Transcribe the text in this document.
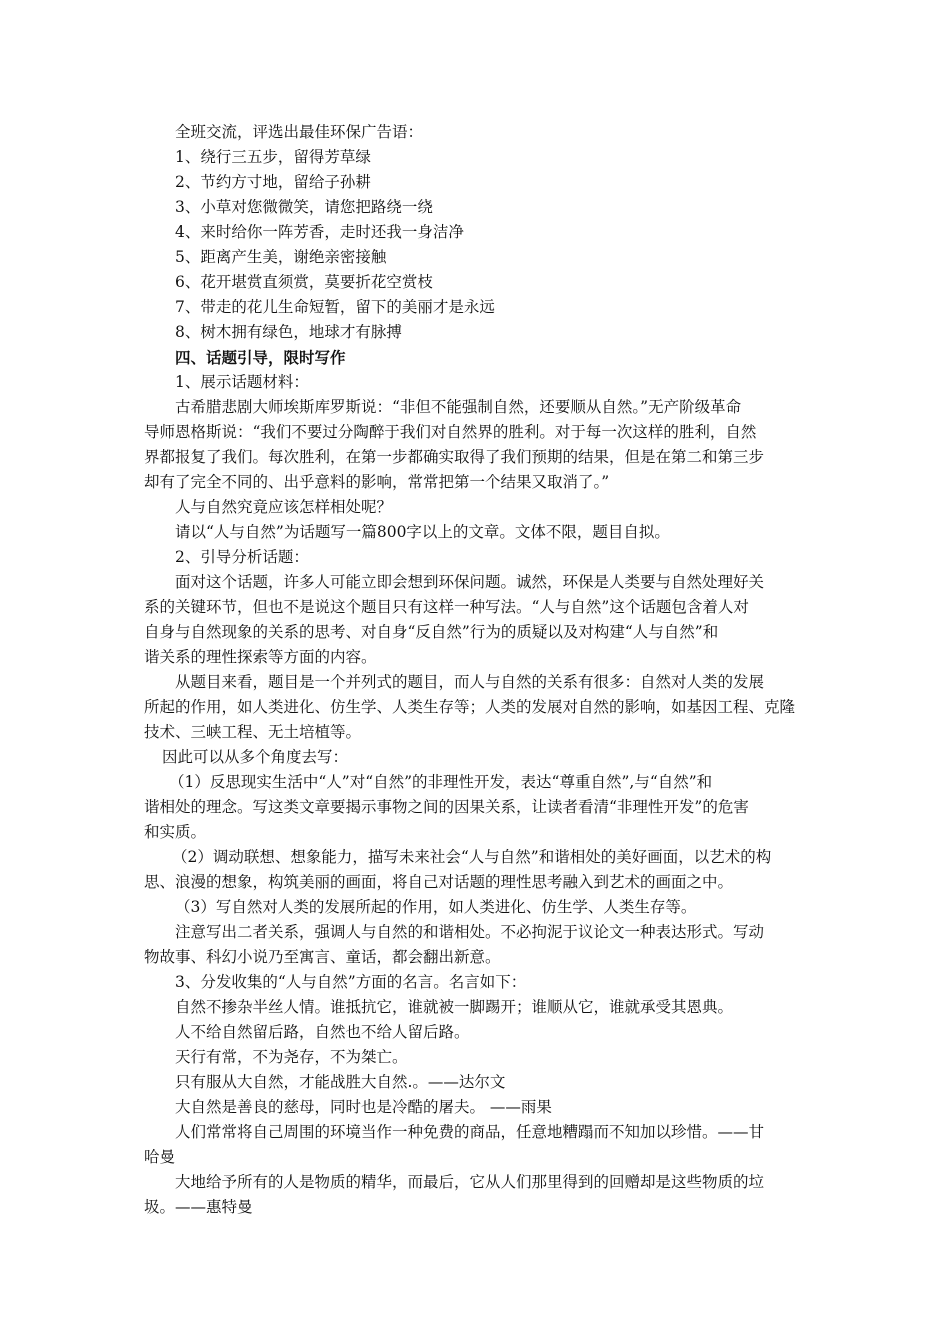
全班交流，评选出最佳环保广告语：
1、绕行三五步，留得芳草绿
2、节约方寸地，留给子孙耕
3、小草对您微微笑，请您把路绕一绕
4、来时给你一阵芳香，走时还我一身洁净
5、距离产生美，谢绝亲密接触
6、花开堪赏直须赏，莫要折花空赏枝
7、带走的花儿生命短暂，留下的美丽才是永远
8、树木拥有绿色，地球才有脉搏
四、话题引导，限时写作
1、展示话题材料：
古希腊悲剧大师埃斯库罗斯说：“非但不能强制自然，还要顺从自然。”无产阶级革命
导师恩格斯说：“我们不要过分陶醉于我们对自然界的胜利。对于每一次这样的胜利，自然
界都报复了我们。每次胜利，在第一步都确实取得了我们预期的结果，但是在第二和第三步
却有了完全不同的、出乎意料的影响，常常把第一个结果又取消了。”
人与自然究竟应该怎样相处呢？
请以“人与自然”为话题写一篇800字以上的文章。文体不限，题目自拟。
2、引导分析话题：
面对这个话题，许多人可能立即会想到环保问题。诚然，环保是人类要与自然处理好关
系的关键环节，但也不是说这个题目只有这样一种写法。“人与自然”这个话题包含着人对
自身与自然现象的关系的思考、对自身“反自然”行为的质疑以及对构建“人与自然”和
谐关系的理性探索等方面的内容。
从题目来看，题目是一个并列式的题目，而人与自然的关系有很多：自然对人类的发展
所起的作用，如人类进化、仿生学、人类生存等；人类的发展对自然的影响，如基因工程、克隆
技术、三峡工程、无土培植等。
因此可以从多个角度去写：
（1）反思现实生活中“人”对“自然”的非理性开发，表达“尊重自然”,与“自然”和
谐相处的理念。写这类文章要揭示事物之间的因果关系，让读者看清“非理性开发”的危害
和实质。
（2）调动联想、想象能力，描写未来社会“人与自然”和谐相处的美好画面，以艺术的构
思、浪漫的想象，构筑美丽的画面，将自己对话题的理性思考融入到艺术的画面之中。
（3）写自然对人类的发展所起的作用，如人类进化、仿生学、人类生存等。
注意写出二者关系，强调人与自然的和谐相处。不必拘泥于议论文一种表达形式。写动
物故事、科幻小说乃至寓言、童话，都会翻出新意。
3、分发收集的“人与自然”方面的名言。名言如下：
自然不掺杂半丝人情。谁抵抗它，谁就被一脚踢开；谁顺从它，谁就承受其恩典。
人不给自然留后路，自然也不给人留后路。
天行有常，不为尧存，不为桀亡。
只有服从大自然，才能战胜大自然.。——达尔文
大自然是善良的慈母，同时也是冷酷的屠夫。 ——雨果
人们常常将自己周围的环境当作一种免费的商品，任意地糟蹋而不知加以珍惜。——甘
哈曼
大地给予所有的人是物质的精华，而最后，它从人们那里得到的回赠却是这些物质的垃
圾。——惠特曼
